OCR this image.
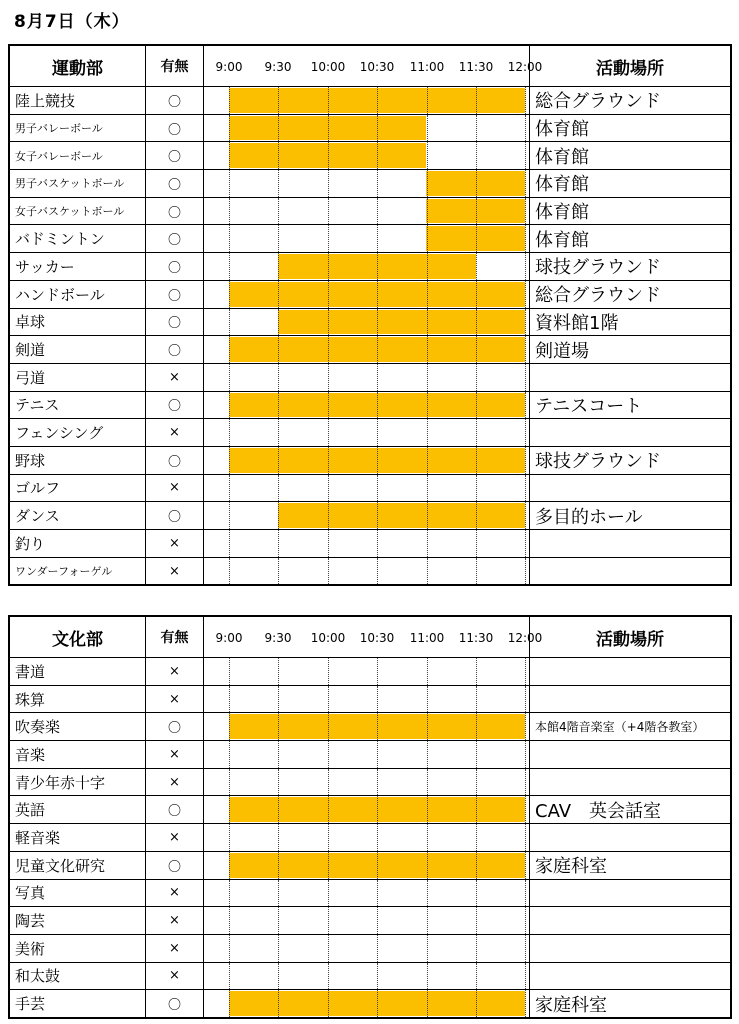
8月7日（木）
運動部	有無	9:00 9:30 10:00 10:30 11:00 11:30 12:00	活動場所
陸上競技	〇	総合グラウンド
男子バレーボール	〇	体育館
女子バレーボール	〇	体育館
男子バスケットボール	〇	体育館
女子バスケットボール	〇	体育館
バドミントン	〇	体育館
サッカー	〇	球技グラウンド
ハンドボール	〇	総合グラウンド
卓球	〇	資料館1階
剣道	〇	剣道場
弓道	×
テニス	〇	テニスコート
フェンシング	×
野球	〇	球技グラウンド
ゴルフ	×
ダンス	〇	多目的ホール
釣り	×
ワンダーフォーゲル	×
文化部	有無	9:00 9:30 10:00 10:30 11:00 11:30 12:00	活動場所
書道	×
珠算	×
吹奏楽	〇	本館4階音楽室（+4階各教室）
音楽	×
青少年赤十字	×
英語	〇	CAV　英会話室
軽音楽	×
児童文化研究	〇	家庭科室
写真	×
陶芸	×
美術	×
和太鼓	×
手芸	〇	家庭科室
